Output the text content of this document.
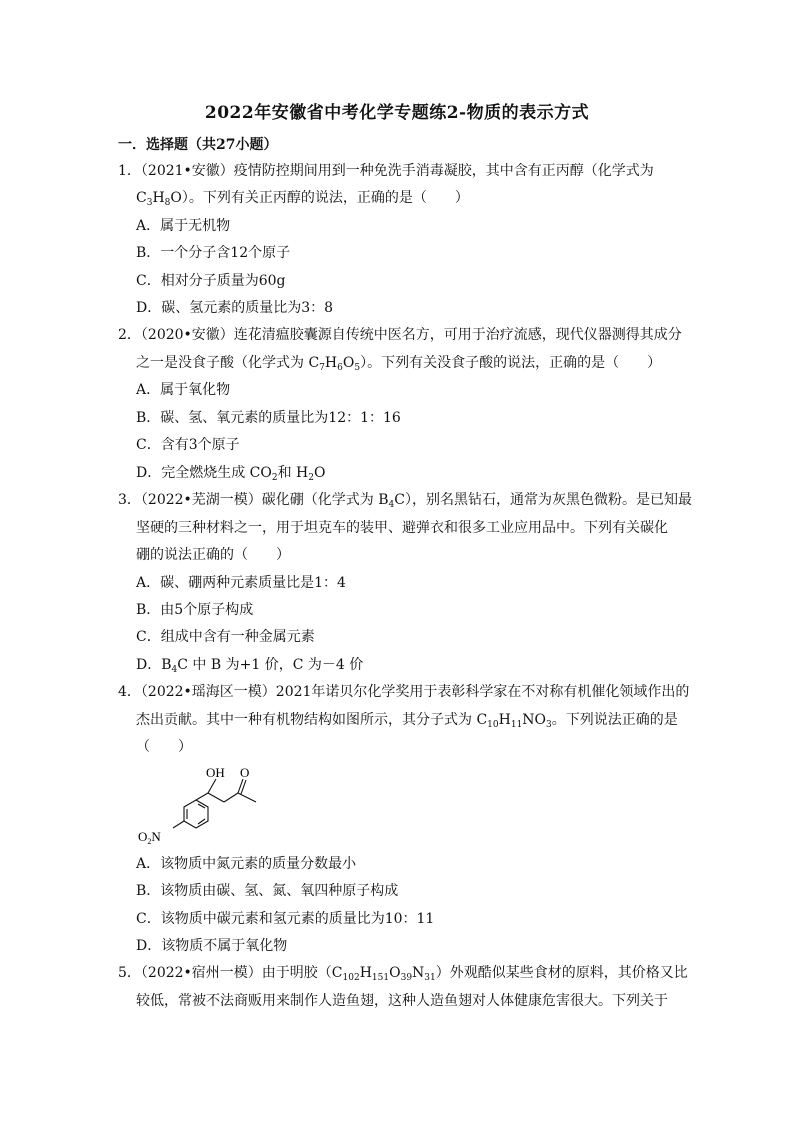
2022年安徽省中考化学专题练2-物质的表示方式
一．选择题（共27小题）
1．（2021•安徽）疫情防控期间用到一种免洗手消毒凝胶，其中含有正丙醇（化学式为
$C_3H_8O$）。下列有关正丙醇的说法，正确的是（　　）
A．属于无机物
B．一个分子含12个原子
C．相对分子质量为60g
D．碳、氢元素的质量比为3：8
2．（2020•安徽）连花清瘟胶囊源自传统中医名方，可用于治疗流感，现代仪器测得其成分
之一是没食子酸（化学式为 $C_7H_6O_5$）。下列有关没食子酸的说法，正确的是（　　）
A．属于氧化物
B．碳、氢、氧元素的质量比为12：1：16
C．含有3个原子
D．完全燃烧生成 $CO_2$和 $H_2O$
3．（2022•芜湖一模）碳化硼（化学式为 $B_4C$），别名黑钻石，通常为灰黑色微粉。是已知最
坚硬的三种材料之一，用于坦克车的装甲、避弹衣和很多工业应用品中。下列有关碳化
硼的说法正确的（　　）
A．碳、硼两种元素质量比是1：4
B．由5个原子构成
C．组成中含有一种金属元素
D．$B_4C$ 中 B 为+1 价，C 为－4 价
4．（2022•瑶海区一模）2021年诺贝尔化学奖用于表彰科学家在不对称有机催化领域作出的
杰出贡献。其中一种有机物结构如图所示，其分子式为 $C_{10}H_{11}NO_3$。下列说法正确的是
（　　）
OH O
$O_2N$
A．该物质中氮元素的质量分数最小
B．该物质由碳、氢、氮、氧四种原子构成
C．该物质中碳元素和氢元素的质量比为10：11
D．该物质不属于氧化物
5．（2022•宿州一模）由于明胶$(C_{102}H_{151}O_{39}N_{31})$外观酷似某些食材的原料，其价格又比
较低，常被不法商贩用来制作人造鱼翅，这种人造鱼翅对人体健康危害很大。下列关于
